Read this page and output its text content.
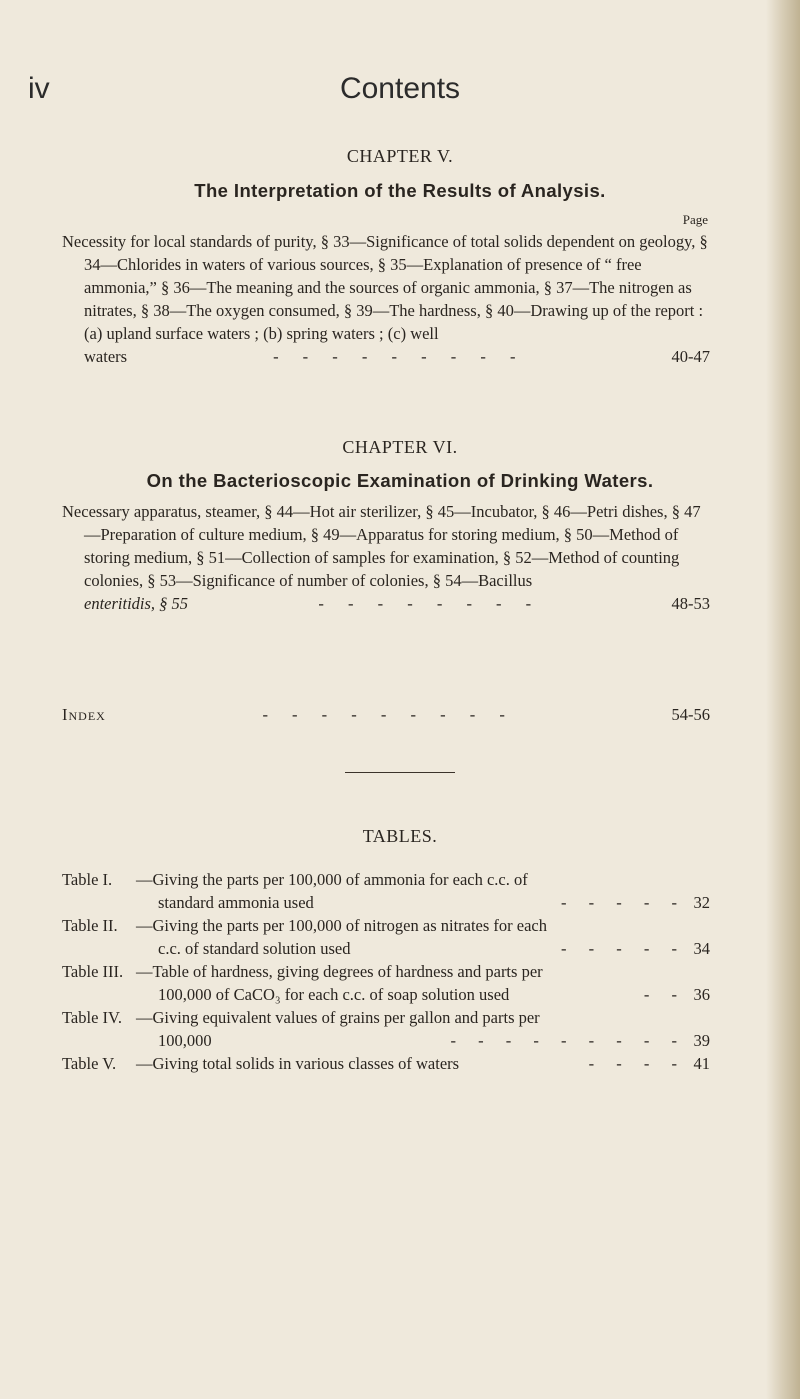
iv	Contents
CHAPTER V.
The Interpretation of the Results of Analysis.
Page

Necessity for local standards of purity, § 33—Significance of total solids dependent on geology, § 34—Chlorides in waters of various sources, § 35—Explanation of presence of “ free ammonia,” § 36—The meaning and the sources of organic ammonia, § 37—The nitrogen as nitrates, § 38—The oxygen consumed, § 39—The hardness, § 40—Drawing up of the report : (a) upland surface waters ; (b) spring waters ; (c) well

waters	- - - - - - - - -	40-47
CHAPTER VI.
On the Bacterioscopic Examination of Drinking Waters.

Necessary apparatus, steamer, § 44—Hot air sterilizer, § 45—Incubator, § 46—Petri dishes, § 47—Preparation of culture medium, § 49—Apparatus for storing medium, § 50—Method of storing medium, § 51—Collection of samples for examination, § 52—Method of counting colonies, § 53—Significance of number of colonies, § 54—Bacillus

enteritidis, § 55	- - - - - - - -	48-53
Index	- - - - - - - - -	54-56
TABLES.
Table I.	—Giving the parts per 100,000 of ammonia for each c.c. of
standard ammonia used	- - - - - 32
Table II.	—Giving the parts per 100,000 of nitrogen as nitrates for each
c.c. of standard solution used	- - - - - 34
Table III. —Table of hardness, giving degrees of hardness and parts per
100,000 of CaCO₃ for each c.c. of soap solution used	- - 36
Table IV. —Giving equivalent values of grains per gallon and parts per
100,000	- - - - - - - - - 39
Table V.	—Giving total solids in various classes of waters	- - - - 41
